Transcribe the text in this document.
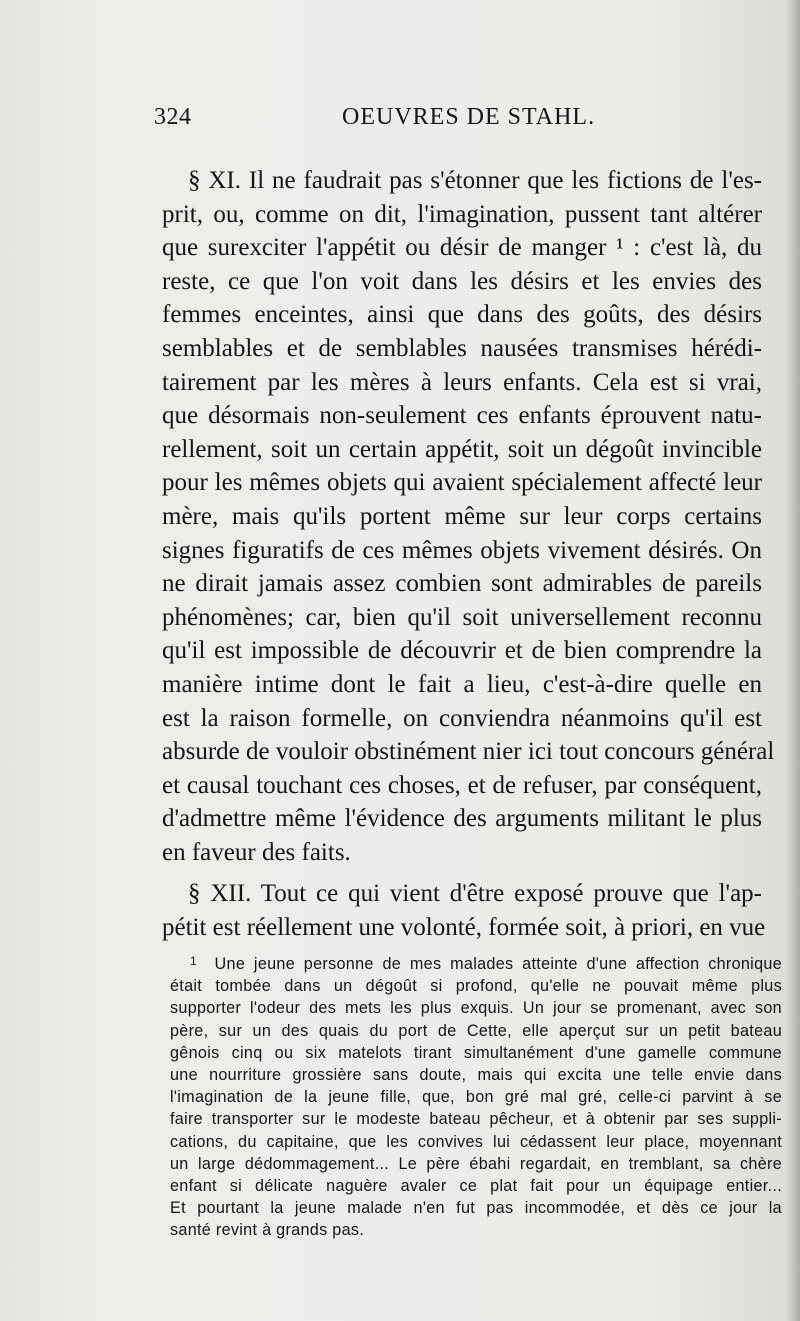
324	OEUVRES DE STAHL.
§ XI. Il ne faudrait pas s'étonner que les fictions de l'es-
prit, ou, comme on dit, l'imagination, pussent tant altérer
que surexciter l'appétit ou désir de manger ¹ : c'est là, du
reste, ce que l'on voit dans les désirs et les envies des
femmes enceintes, ainsi que dans des goûts, des désirs
semblables et de semblables nausées transmises hérédi-
tairement par les mères à leurs enfants. Cela est si vrai,
que désormais non-seulement ces enfants éprouvent natu-
rellement, soit un certain appétit, soit un dégoût invincible
pour les mêmes objets qui avaient spécialement affecté leur
mère, mais qu'ils portent même sur leur corps certains
signes figuratifs de ces mêmes objets vivement désirés. On
ne dirait jamais assez combien sont admirables de pareils
phénomènes; car, bien qu'il soit universellement reconnu
qu'il est impossible de découvrir et de bien comprendre la
manière intime dont le fait a lieu, c'est-à-dire quelle en
est la raison formelle, on conviendra néanmoins qu'il est
absurde de vouloir obstinément nier ici tout concours général
et causal touchant ces choses, et de refuser, par conséquent,
d'admettre même l'évidence des arguments militant le plus
en faveur des faits.
§ XII. Tout ce qui vient d'être exposé prouve que l'ap-
pétit est réellement une volonté, formée soit, à priori, en vue
$^1$ Une jeune personne de mes malades atteinte d'une affection chronique
était tombée dans un dégoût si profond, qu'elle ne pouvait même plus
supporter l'odeur des mets les plus exquis. Un jour se promenant, avec son
père, sur un des quais du port de Cette, elle aperçut sur un petit bateau
gênois cinq ou six matelots tirant simultanément d'une gamelle commune
une nourriture grossière sans doute, mais qui excita une telle envie dans
l'imagination de la jeune fille, que, bon gré mal gré, celle-ci parvint à se
faire transporter sur le modeste bateau pêcheur, et à obtenir par ses suppli-
cations, du capitaine, que les convives lui cédassent leur place, moyennant
un large dédommagement... Le père ébahi regardait, en tremblant, sa chère
enfant si délicate naguère avaler ce plat fait pour un équipage entier...
Et pourtant la jeune malade n'en fut pas incommodée, et dès ce jour la
santé revint à grands pas.
